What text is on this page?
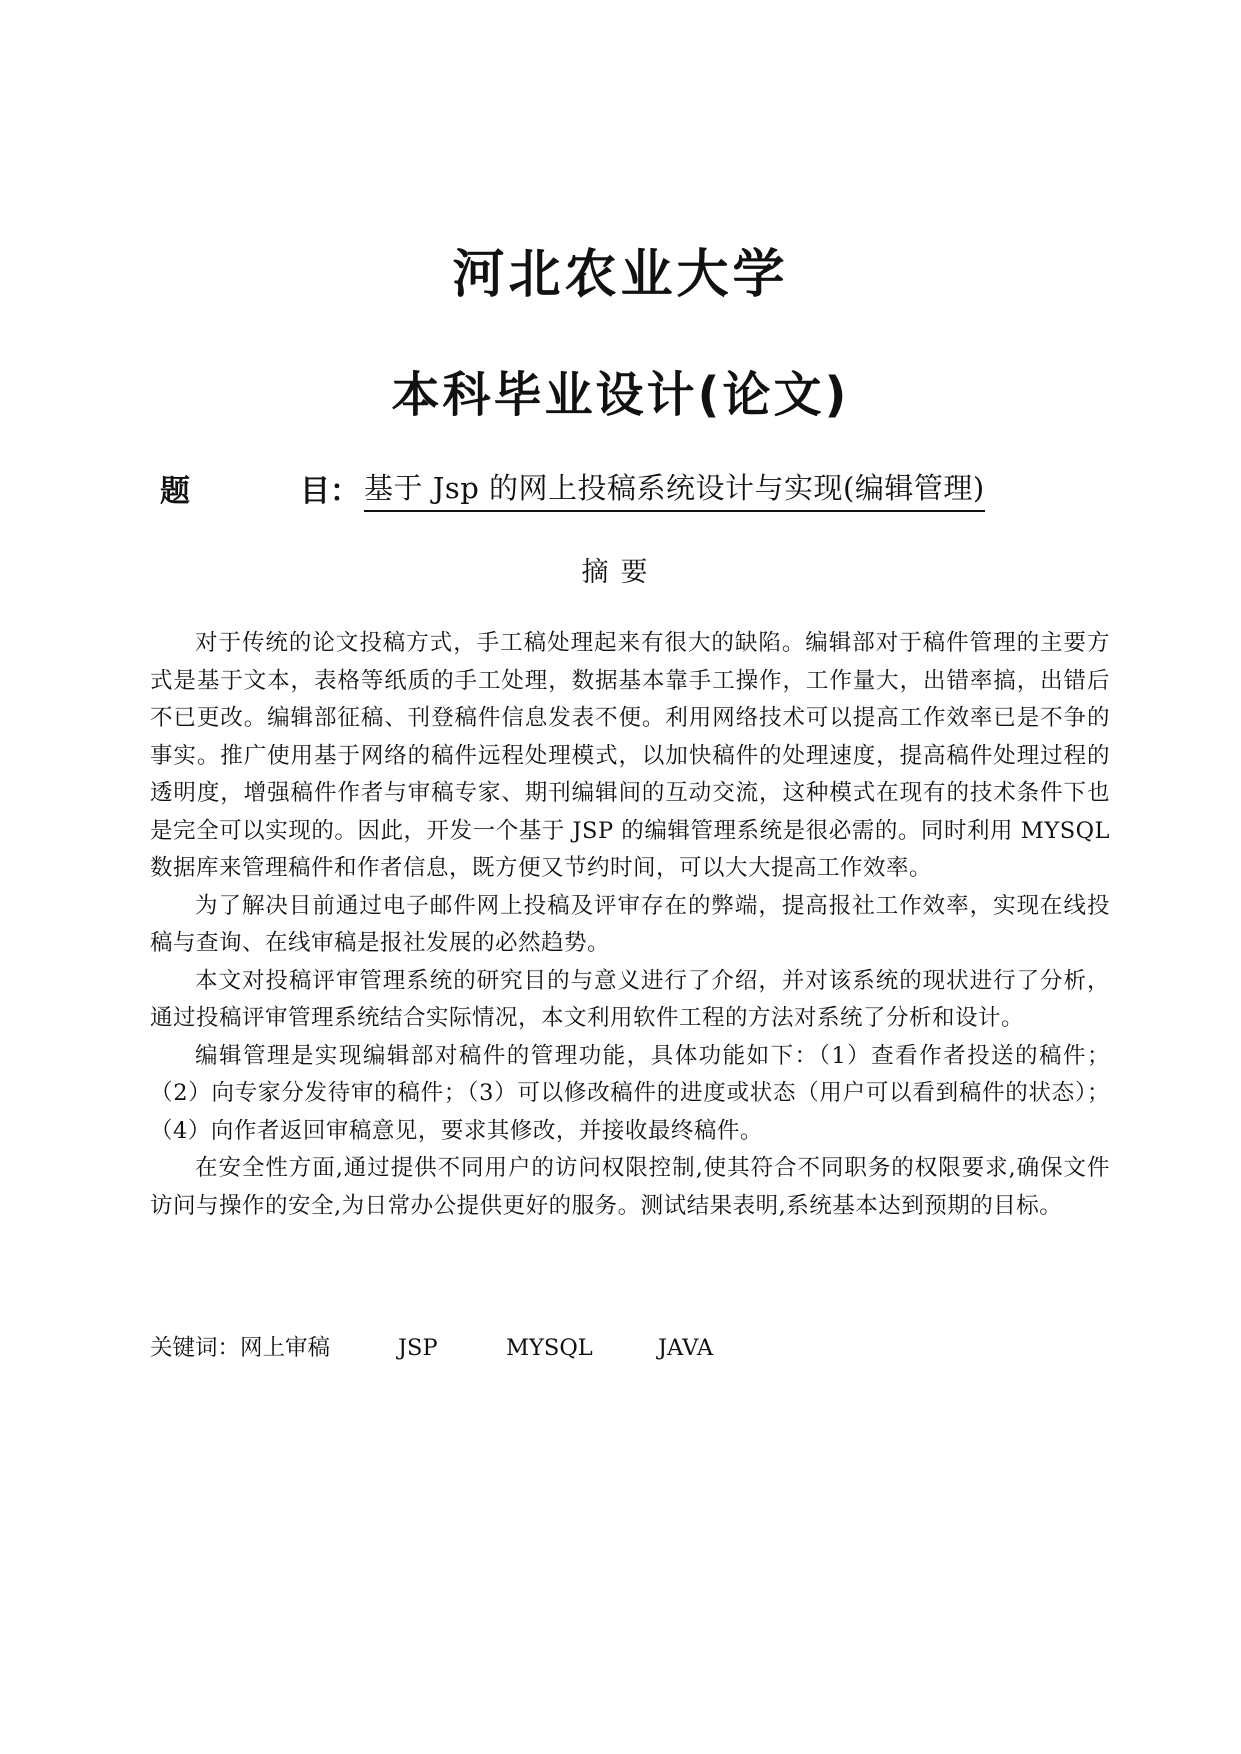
河北农业大学
本科毕业设计(论文)
题	目 ： 基于 Jsp 的网上投稿系统设计与实现(编辑管理)
摘要

对于传统的论文投稿方式，手工稿处理起来有很大的缺陷。编辑部对于稿件管理的主要方式是基于文本，表格等纸质的手工处理，数据基本靠手工操作，工作量大，出错率搞，出错后不已更改。编辑部征稿、刊登稿件信息发表不便。利用网络技术可以提高工作效率已是不争的事实。推广使用基于网络的稿件远程处理模式，以加快稿件的处理速度，提高稿件处理过程的透明度，增强稿件作者与审稿专家、期刊编辑间的互动交流，这种模式在现有的技术条件下也是完全可以实现的。因此，开发一个基于 JSP 的编辑管理系统是很必需的。同时利用 MYSQL 数据库来管理稿件和作者信息，既方便又节约时间，可以大大提高工作效率。

为了解决目前通过电子邮件网上投稿及评审存在的弊端，提高报社工作效率，实现在线投稿与查询、在线审稿是报社发展的必然趋势。

本文对投稿评审管理系统的研究目的与意义进行了介绍，并对该系统的现状进行了分析，通过投稿评审管理系统结合实际情况，本文利用软件工程的方法对系统了分析和设计。

编辑管理是实现编辑部对稿件的管理功能，具体功能如下：（1）查看作者投送的稿件；（2）向专家分发待审的稿件；（3）可以修改稿件的进度或状态（用户可以看到稿件的状态）；（4）向作者返回审稿意见，要求其修改，并接收最终稿件。

在安全性方面,通过提供不同用户的访问权限控制,使其符合不同职务的权限要求,确保文件访问与操作的安全,为日常办公提供更好的服务。测试结果表明,系统基本达到预期的目标。

关键词： 网上审稿	JSP	MYSQL	JAVA
